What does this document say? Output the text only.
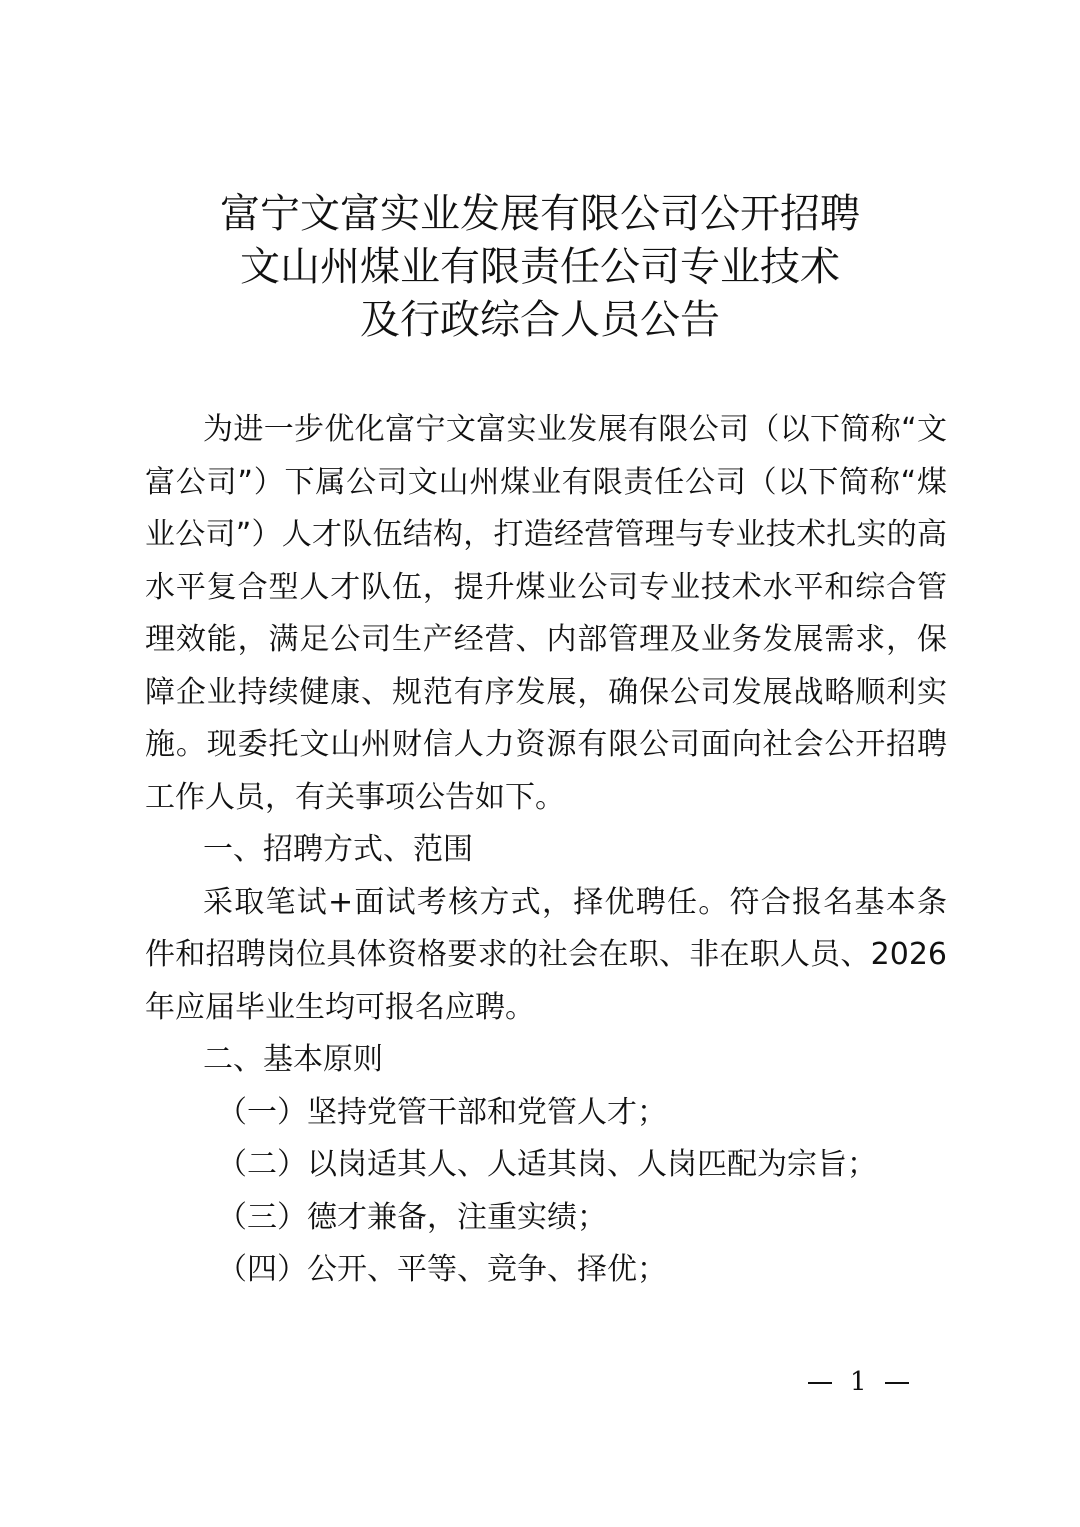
富宁文富实业发展有限公司公开招聘
文山州煤业有限责任公司专业技术
及行政综合人员公告

为进一步优化富宁文富实业发展有限公司（以下简称“文富公司”）下属公司文山州煤业有限责任公司（以下简称“煤业公司”）人才队伍结构，打造经营管理与专业技术扎实的高水平复合型人才队伍，提升煤业公司专业技术水平和综合管理效能，满足公司生产经营、内部管理及业务发展需求，保障企业持续健康、规范有序发展，确保公司发展战略顺利实施。现委托文山州财信人力资源有限公司面向社会公开招聘工作人员，有关事项公告如下。

一、招聘方式、范围

采取笔试+面试考核方式，择优聘任。符合报名基本条件和招聘岗位具体资格要求的社会在职、非在职人员、2026年应届毕业生均可报名应聘。

二、基本原则

（一）坚持党管干部和党管人才；

（二）以岗适其人、人适其岗、人岗匹配为宗旨；

（三）德才兼备，注重实绩；

（四）公开、平等、竞争、择优；

1
